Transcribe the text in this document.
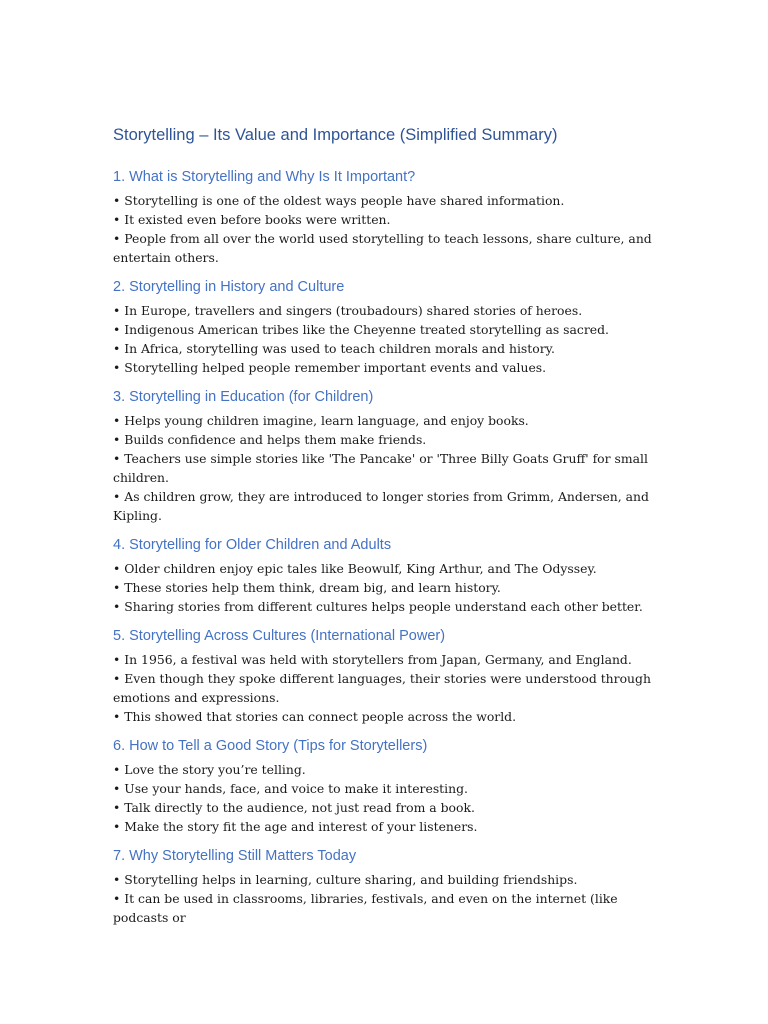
Storytelling – Its Value and Importance (Simplified Summary)
1. What is Storytelling and Why Is It Important?
• Storytelling is one of the oldest ways people have shared information.
• It existed even before books were written.
• People from all over the world used storytelling to teach lessons, share culture, and entertain others.
2. Storytelling in History and Culture
• In Europe, travellers and singers (troubadours) shared stories of heroes.
• Indigenous American tribes like the Cheyenne treated storytelling as sacred.
• In Africa, storytelling was used to teach children morals and history.
• Storytelling helped people remember important events and values.
3. Storytelling in Education (for Children)
• Helps young children imagine, learn language, and enjoy books.
• Builds confidence and helps them make friends.
• Teachers use simple stories like 'The Pancake' or 'Three Billy Goats Gruff' for small children.
• As children grow, they are introduced to longer stories from Grimm, Andersen, and Kipling.
4. Storytelling for Older Children and Adults
• Older children enjoy epic tales like Beowulf, King Arthur, and The Odyssey.
• These stories help them think, dream big, and learn history.
• Sharing stories from different cultures helps people understand each other better.
5. Storytelling Across Cultures (International Power)
• In 1956, a festival was held with storytellers from Japan, Germany, and England.
• Even though they spoke different languages, their stories were understood through emotions and expressions.
• This showed that stories can connect people across the world.
6. How to Tell a Good Story (Tips for Storytellers)
• Love the story you’re telling.
• Use your hands, face, and voice to make it interesting.
• Talk directly to the audience, not just read from a book.
• Make the story fit the age and interest of your listeners.
7. Why Storytelling Still Matters Today
• Storytelling helps in learning, culture sharing, and building friendships.
• It can be used in classrooms, libraries, festivals, and even on the internet (like podcasts or
